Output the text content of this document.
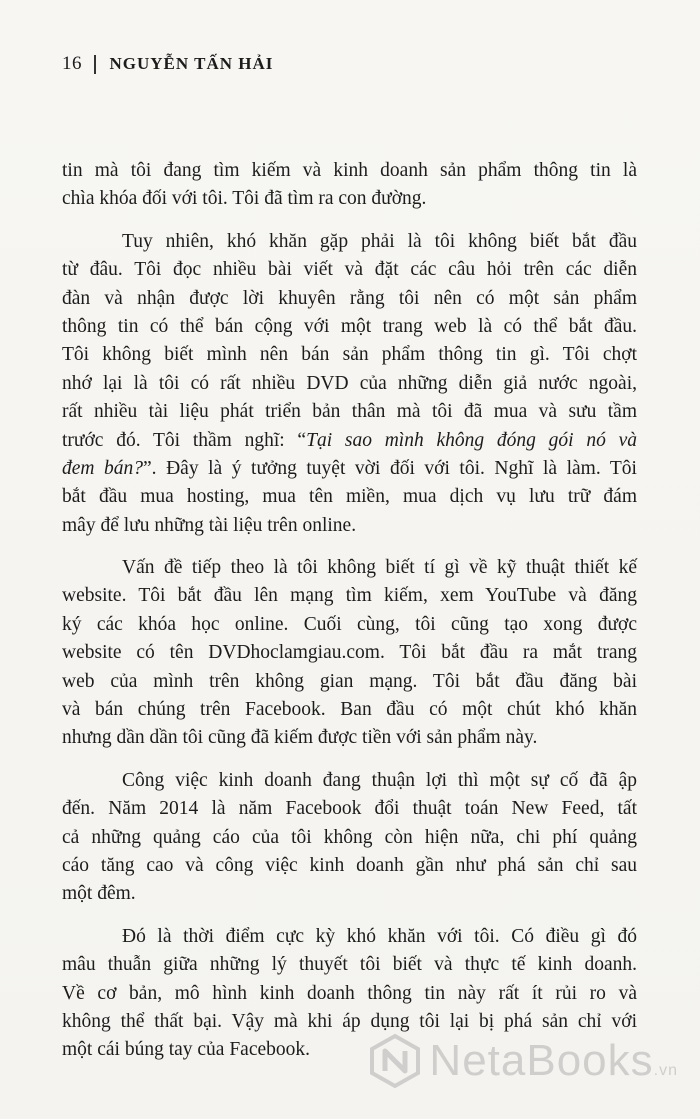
16 NGUYỄN TẤN HẢI
tin mà tôi đang tìm kiếm và kinh doanh sản phẩm thông tin là
chìa khóa đối với tôi. Tôi đã tìm ra con đường.
Tuy nhiên, khó khăn gặp phải là tôi không biết bắt đầu
từ đâu. Tôi đọc nhiều bài viết và đặt các câu hỏi trên các diễn
đàn và nhận được lời khuyên rằng tôi nên có một sản phẩm
thông tin có thể bán cộng với một trang web là có thể bắt đầu.
Tôi không biết mình nên bán sản phẩm thông tin gì. Tôi chợt
nhớ lại là tôi có rất nhiều DVD của những diễn giả nước ngoài,
rất nhiều tài liệu phát triển bản thân mà tôi đã mua và sưu tầm
trước đó. Tôi thầm nghĩ: “Tại sao mình không đóng gói nó và
đem bán?”. Đây là ý tưởng tuyệt vời đối với tôi. Nghĩ là làm. Tôi
bắt đầu mua hosting, mua tên miền, mua dịch vụ lưu trữ đám
mây để lưu những tài liệu trên online.
Vấn đề tiếp theo là tôi không biết tí gì về kỹ thuật thiết kế
website. Tôi bắt đầu lên mạng tìm kiếm, xem YouTube và đăng
ký các khóa học online. Cuối cùng, tôi cũng tạo xong được
website có tên DVDhoclamgiau.com. Tôi bắt đầu ra mắt trang
web của mình trên không gian mạng. Tôi bắt đầu đăng bài
và bán chúng trên Facebook. Ban đầu có một chút khó khăn
nhưng dần dần tôi cũng đã kiếm được tiền với sản phẩm này.
Công việc kinh doanh đang thuận lợi thì một sự cố đã ập
đến. Năm 2014 là năm Facebook đổi thuật toán New Feed, tất
cả những quảng cáo của tôi không còn hiện nữa, chi phí quảng
cáo tăng cao và công việc kinh doanh gần như phá sản chỉ sau
một đêm.
Đó là thời điểm cực kỳ khó khăn với tôi. Có điều gì đó
mâu thuẫn giữa những lý thuyết tôi biết và thực tế kinh doanh.
Về cơ bản, mô hình kinh doanh thông tin này rất ít rủi ro và
không thể thất bại. Vậy mà khi áp dụng tôi lại bị phá sản chỉ với
một cái búng tay của Facebook.	NetaBooks.vn
